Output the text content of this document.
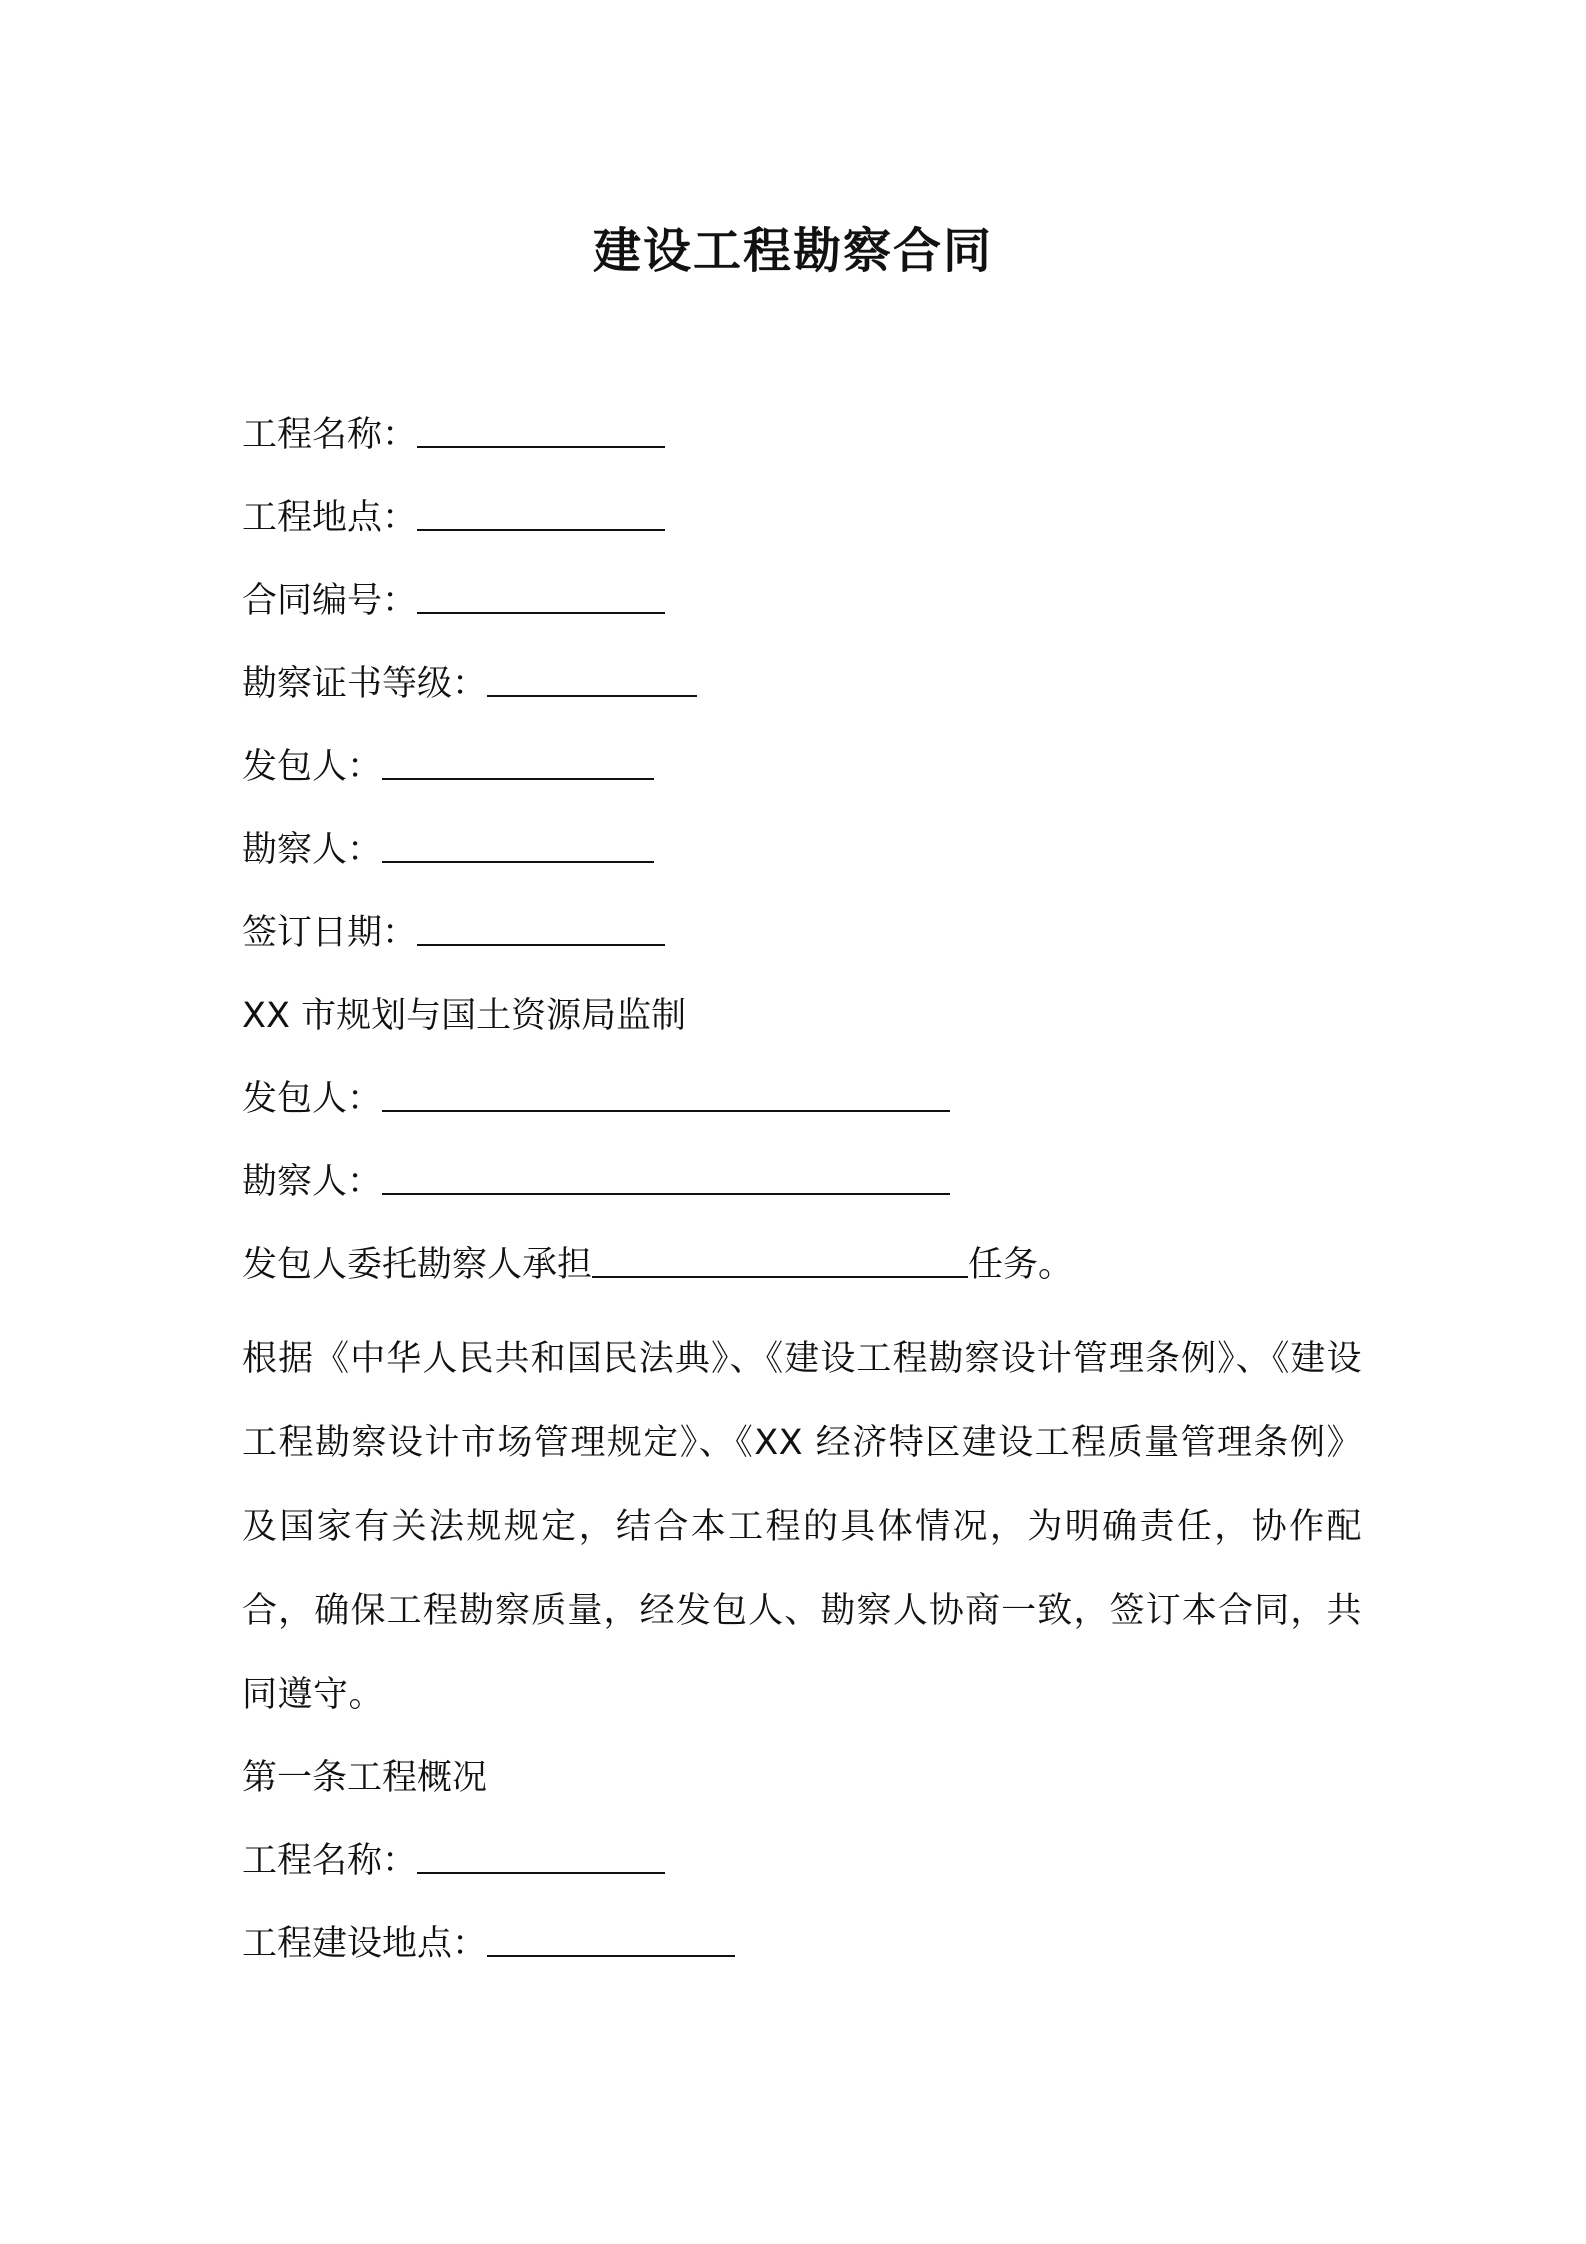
建设工程勘察合同

工程名称：

工程地点：

合同编号：

勘察证书等级：

发包人：

勘察人：

签订日期：

XX 市规划与国土资源局监制

发包人：

勘察人：

发包人委托勘察人承担	任务。

根据《中华人民共和国民法典》、《建设工程勘察设计管理条例》、《建设工程勘察设计市场管理规定》、《XX 经济特区建设工程质量管理条例》及国家有关法规规定，结合本工程的具体情况，为明确责任，协作配合，确保工程勘察质量，经发包人、勘察人协商一致，签订本合同，共同遵守。

第一条工程概况

工程名称：

工程建设地点：
